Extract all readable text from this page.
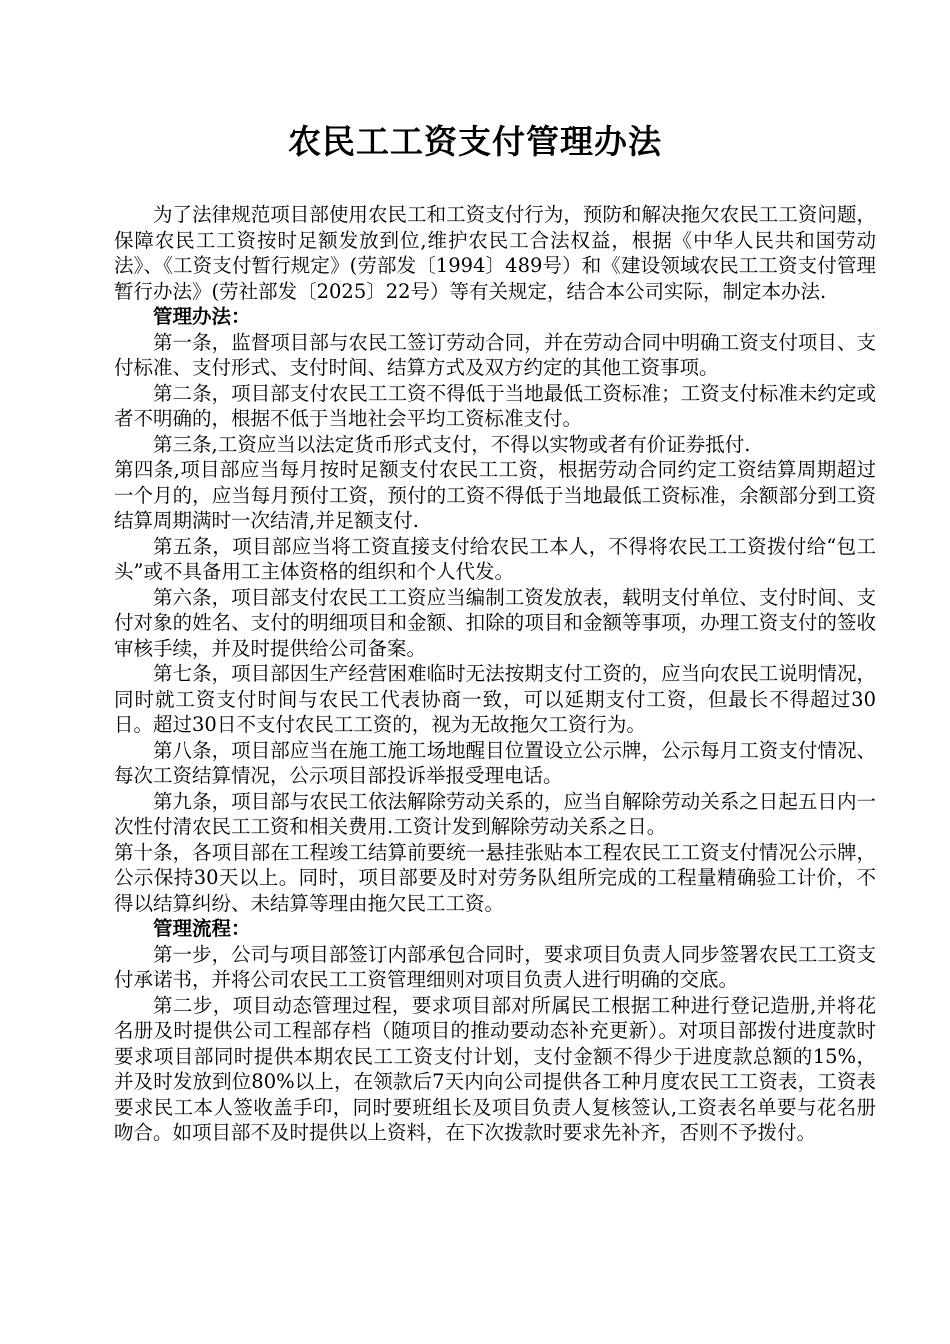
农民工工资支付管理办法

为了法律规范项目部使用农民工和工资支付行为，预防和解决拖欠农民工工资问题，保障农民工工资按时足额发放到位,维护农民工合法权益，根据《中华人民共和国劳动法》、《工资支付暂行规定》(劳部发〔1994〕489号）和《建设领域农民工工资支付管理暂行办法》(劳社部发〔2025〕22号）等有关规定，结合本公司实际，制定本办法.

管理办法：

第一条，监督项目部与农民工签订劳动合同，并在劳动合同中明确工资支付项目、支付标准、支付形式、支付时间、结算方式及双方约定的其他工资事项。

第二条，项目部支付农民工工资不得低于当地最低工资标准；工资支付标准未约定或者不明确的，根据不低于当地社会平均工资标准支付。

第三条,工资应当以法定货币形式支付，不得以实物或者有价证券抵付.

第四条,项目部应当每月按时足额支付农民工工资，根据劳动合同约定工资结算周期超过一个月的，应当每月预付工资，预付的工资不得低于当地最低工资标准，余额部分到工资结算周期满时一次结清,并足额支付.

第五条，项目部应当将工资直接支付给农民工本人，不得将农民工工资拨付给“包工头”或不具备用工主体资格的组织和个人代发。

第六条，项目部支付农民工工资应当编制工资发放表，载明支付单位、支付时间、支付对象的姓名、支付的明细项目和金额、扣除的项目和金额等事项，办理工资支付的签收审核手续，并及时提供给公司备案。

第七条，项目部因生产经营困难临时无法按期支付工资的，应当向农民工说明情况，同时就工资支付时间与农民工代表协商一致，可以延期支付工资，但最长不得超过30日。超过30日不支付农民工工资的，视为无故拖欠工资行为。

第八条，项目部应当在施工施工场地醒目位置设立公示牌，公示每月工资支付情况、每次工资结算情况，公示项目部投诉举报受理电话。

第九条，项目部与农民工依法解除劳动关系的，应当自解除劳动关系之日起五日内一次性付清农民工工资和相关费用.工资计发到解除劳动关系之日。

第十条，各项目部在工程竣工结算前要统一悬挂张贴本工程农民工工资支付情况公示牌，公示保持30天以上。同时，项目部要及时对劳务队组所完成的工程量精确验工计价，不得以结算纠纷、未结算等理由拖欠民工工资。

管理流程：

第一步，公司与项目部签订内部承包合同时，要求项目负责人同步签署农民工工资支付承诺书，并将公司农民工工资管理细则对项目负责人进行明确的交底。

第二步，项目动态管理过程，要求项目部对所属民工根据工种进行登记造册,并将花名册及时提供公司工程部存档（随项目的推动要动态补充更新）。对项目部拨付进度款时要求项目部同时提供本期农民工工资支付计划，支付金额不得少于进度款总额的15%，并及时发放到位80%以上，在领款后7天内向公司提供各工种月度农民工工资表，工资表要求民工本人签收盖手印，同时要班组长及项目负责人复核签认,工资表名单要与花名册吻合。如项目部不及时提供以上资料，在下次拨款时要求先补齐，否则不予拨付。
